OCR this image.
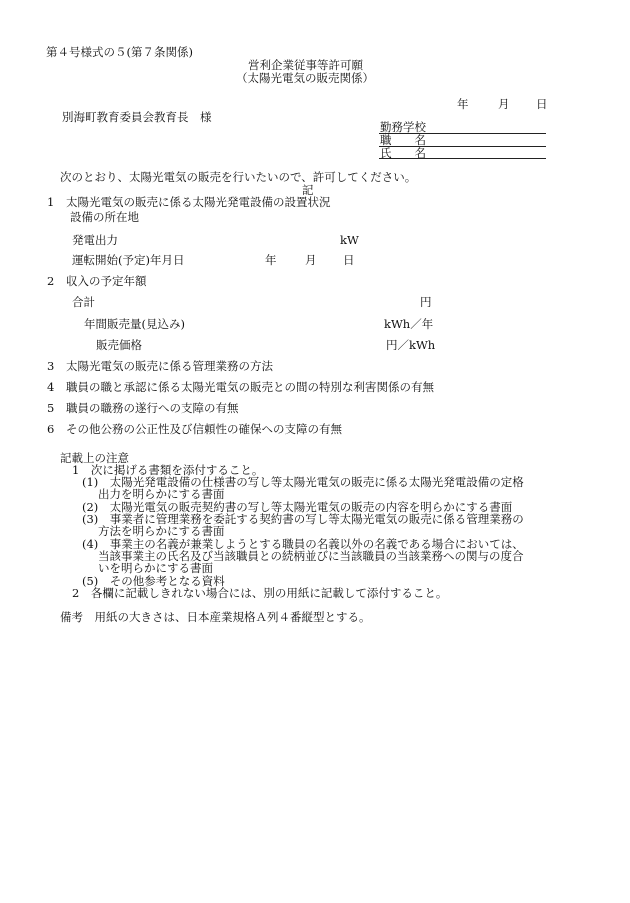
第４号様式の５(第７条関係)
営利企業従事等許可願
（太陽光電気の販売関係）
年	月 日
別海町教育委員会教育長　様
勤務学校
職　　名
氏　　名
次のとおり、太陽光電気の販売を行いたいので、許可してください。
記
1 太陽光電気の販売に係る太陽光発電設備の設置状況
設備の所在地
発電出力	kW
運転開始(予定)年月日	年 月 日
2 収入の予定年額
合計	円
年間販売量(見込み)	kWh／年
販売価格	円／kWh
3 太陽光電気の販売に係る管理業務の方法
4 職員の職と承認に係る太陽光電気の販売との間の特別な利害関係の有無
5 職員の職務の遂行への支障の有無
6 その他公務の公正性及び信頼性の確保への支障の有無
記載上の注意
1　次に掲げる書類を添付すること。
(1)　太陽光発電設備の仕様書の写し等太陽光電気の販売に係る太陽光発電設備の定格
出力を明らかにする書面
(2)　太陽光電気の販売契約書の写し等太陽光電気の販売の内容を明らかにする書面
(3)　事業者に管理業務を委託する契約書の写し等太陽光電気の販売に係る管理業務の
方法を明らかにする書面
(4)　事業主の名義が兼業しようとする職員の名義以外の名義である場合においては、
当該事業主の氏名及び当該職員との続柄並びに当該職員の当該業務への関与の度合
いを明らかにする書面
(5)　その他参考となる資料
2　各欄に記載しきれない場合には、別の用紙に記載して添付すること。
備考　用紙の大きさは、日本産業規格Ａ列４番縦型とする。
